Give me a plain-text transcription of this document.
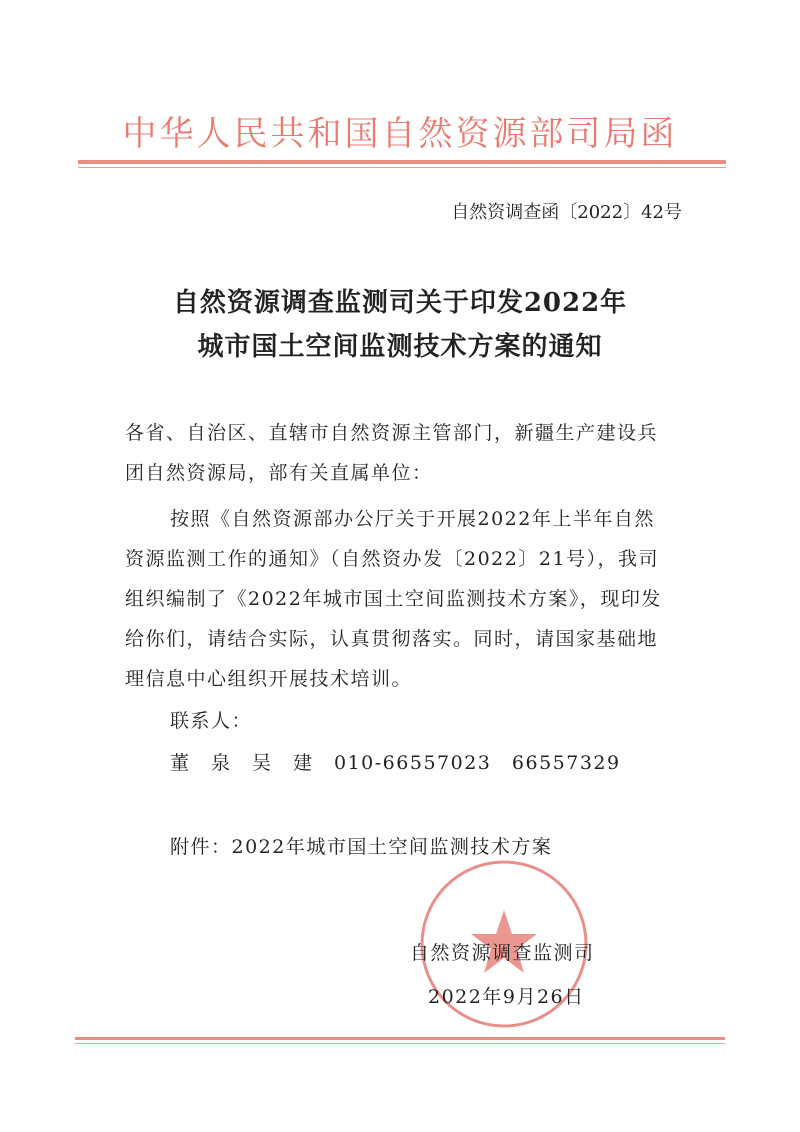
中华人民共和国自然资源部司局函
自然资调查函〔2022〕42号
自然资源调查监测司关于印发2022年
城市国土空间监测技术方案的通知
各省、自治区、直辖市自然资源主管部门，新疆生产建设兵
团自然资源局，部有关直属单位：
按照《自然资源部办公厅关于开展2022年上半年自然
资源监测工作的通知》（自然资办发〔2022〕21号），我司
组织编制了《2022年城市国土空间监测技术方案》，现印发
给你们，请结合实际，认真贯彻落实。同时，请国家基础地
理信息中心组织开展技术培训。
联系人：
董　泉　吴　建　010-66557023　66557329
附件：2022年城市国土空间监测技术方案
自然资源调查监测司
2022年9月26日
